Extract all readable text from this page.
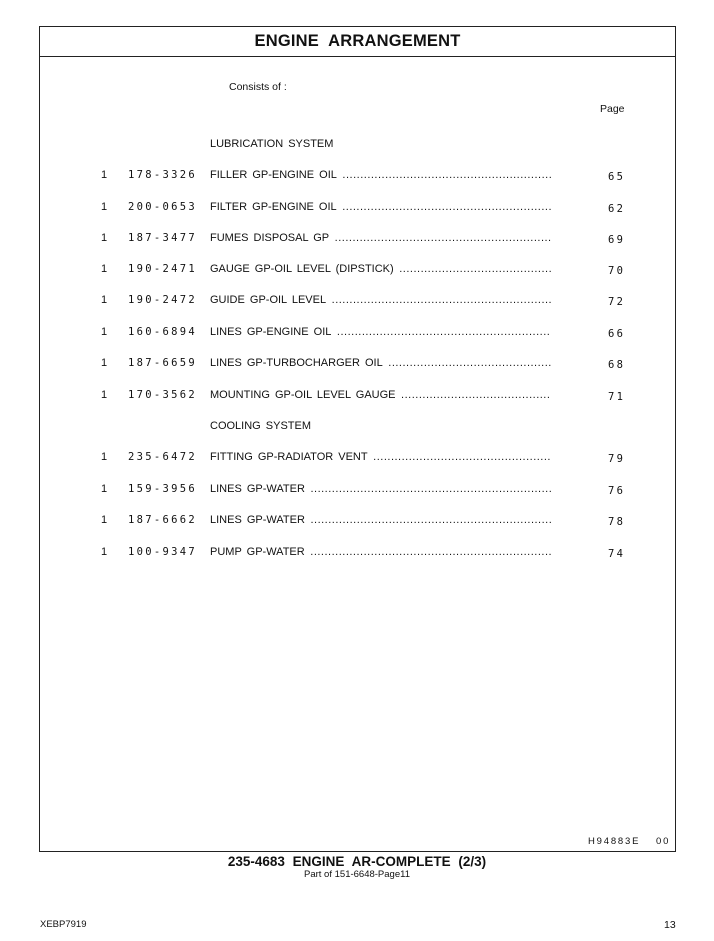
ENGINE ARRANGEMENT
Consists of :
Page
LUBRICATION SYSTEM
1 178-3326 FILLER GP-ENGINE OIL .....	65
1 200-0653 FILTER GP-ENGINE OIL .....	62
1 187-3477 FUMES DISPOSAL GP .....	69
1 190-2471 GAUGE GP-OIL LEVEL (DIPSTICK) .....	70
1 190-2472 GUIDE GP-OIL LEVEL .....	72
1 160-6894 LINES GP-ENGINE OIL .....	66
1 187-6659 LINES GP-TURBOCHARGER OIL .....	68
1 170-3562 MOUNTING GP-OIL LEVEL GAUGE .....	71
COOLING SYSTEM
1 235-6472 FITTING GP-RADIATOR VENT .....	79
1 159-3956 LINES GP-WATER .....	76
1 187-6662 LINES GP-WATER .....	78
1 100-9347 PUMP GP-WATER .....	74
H94883E 00
235-4683 ENGINE AR-COMPLETE (2/3)
Part of 151-6648-Page11
XEBP7919	13
